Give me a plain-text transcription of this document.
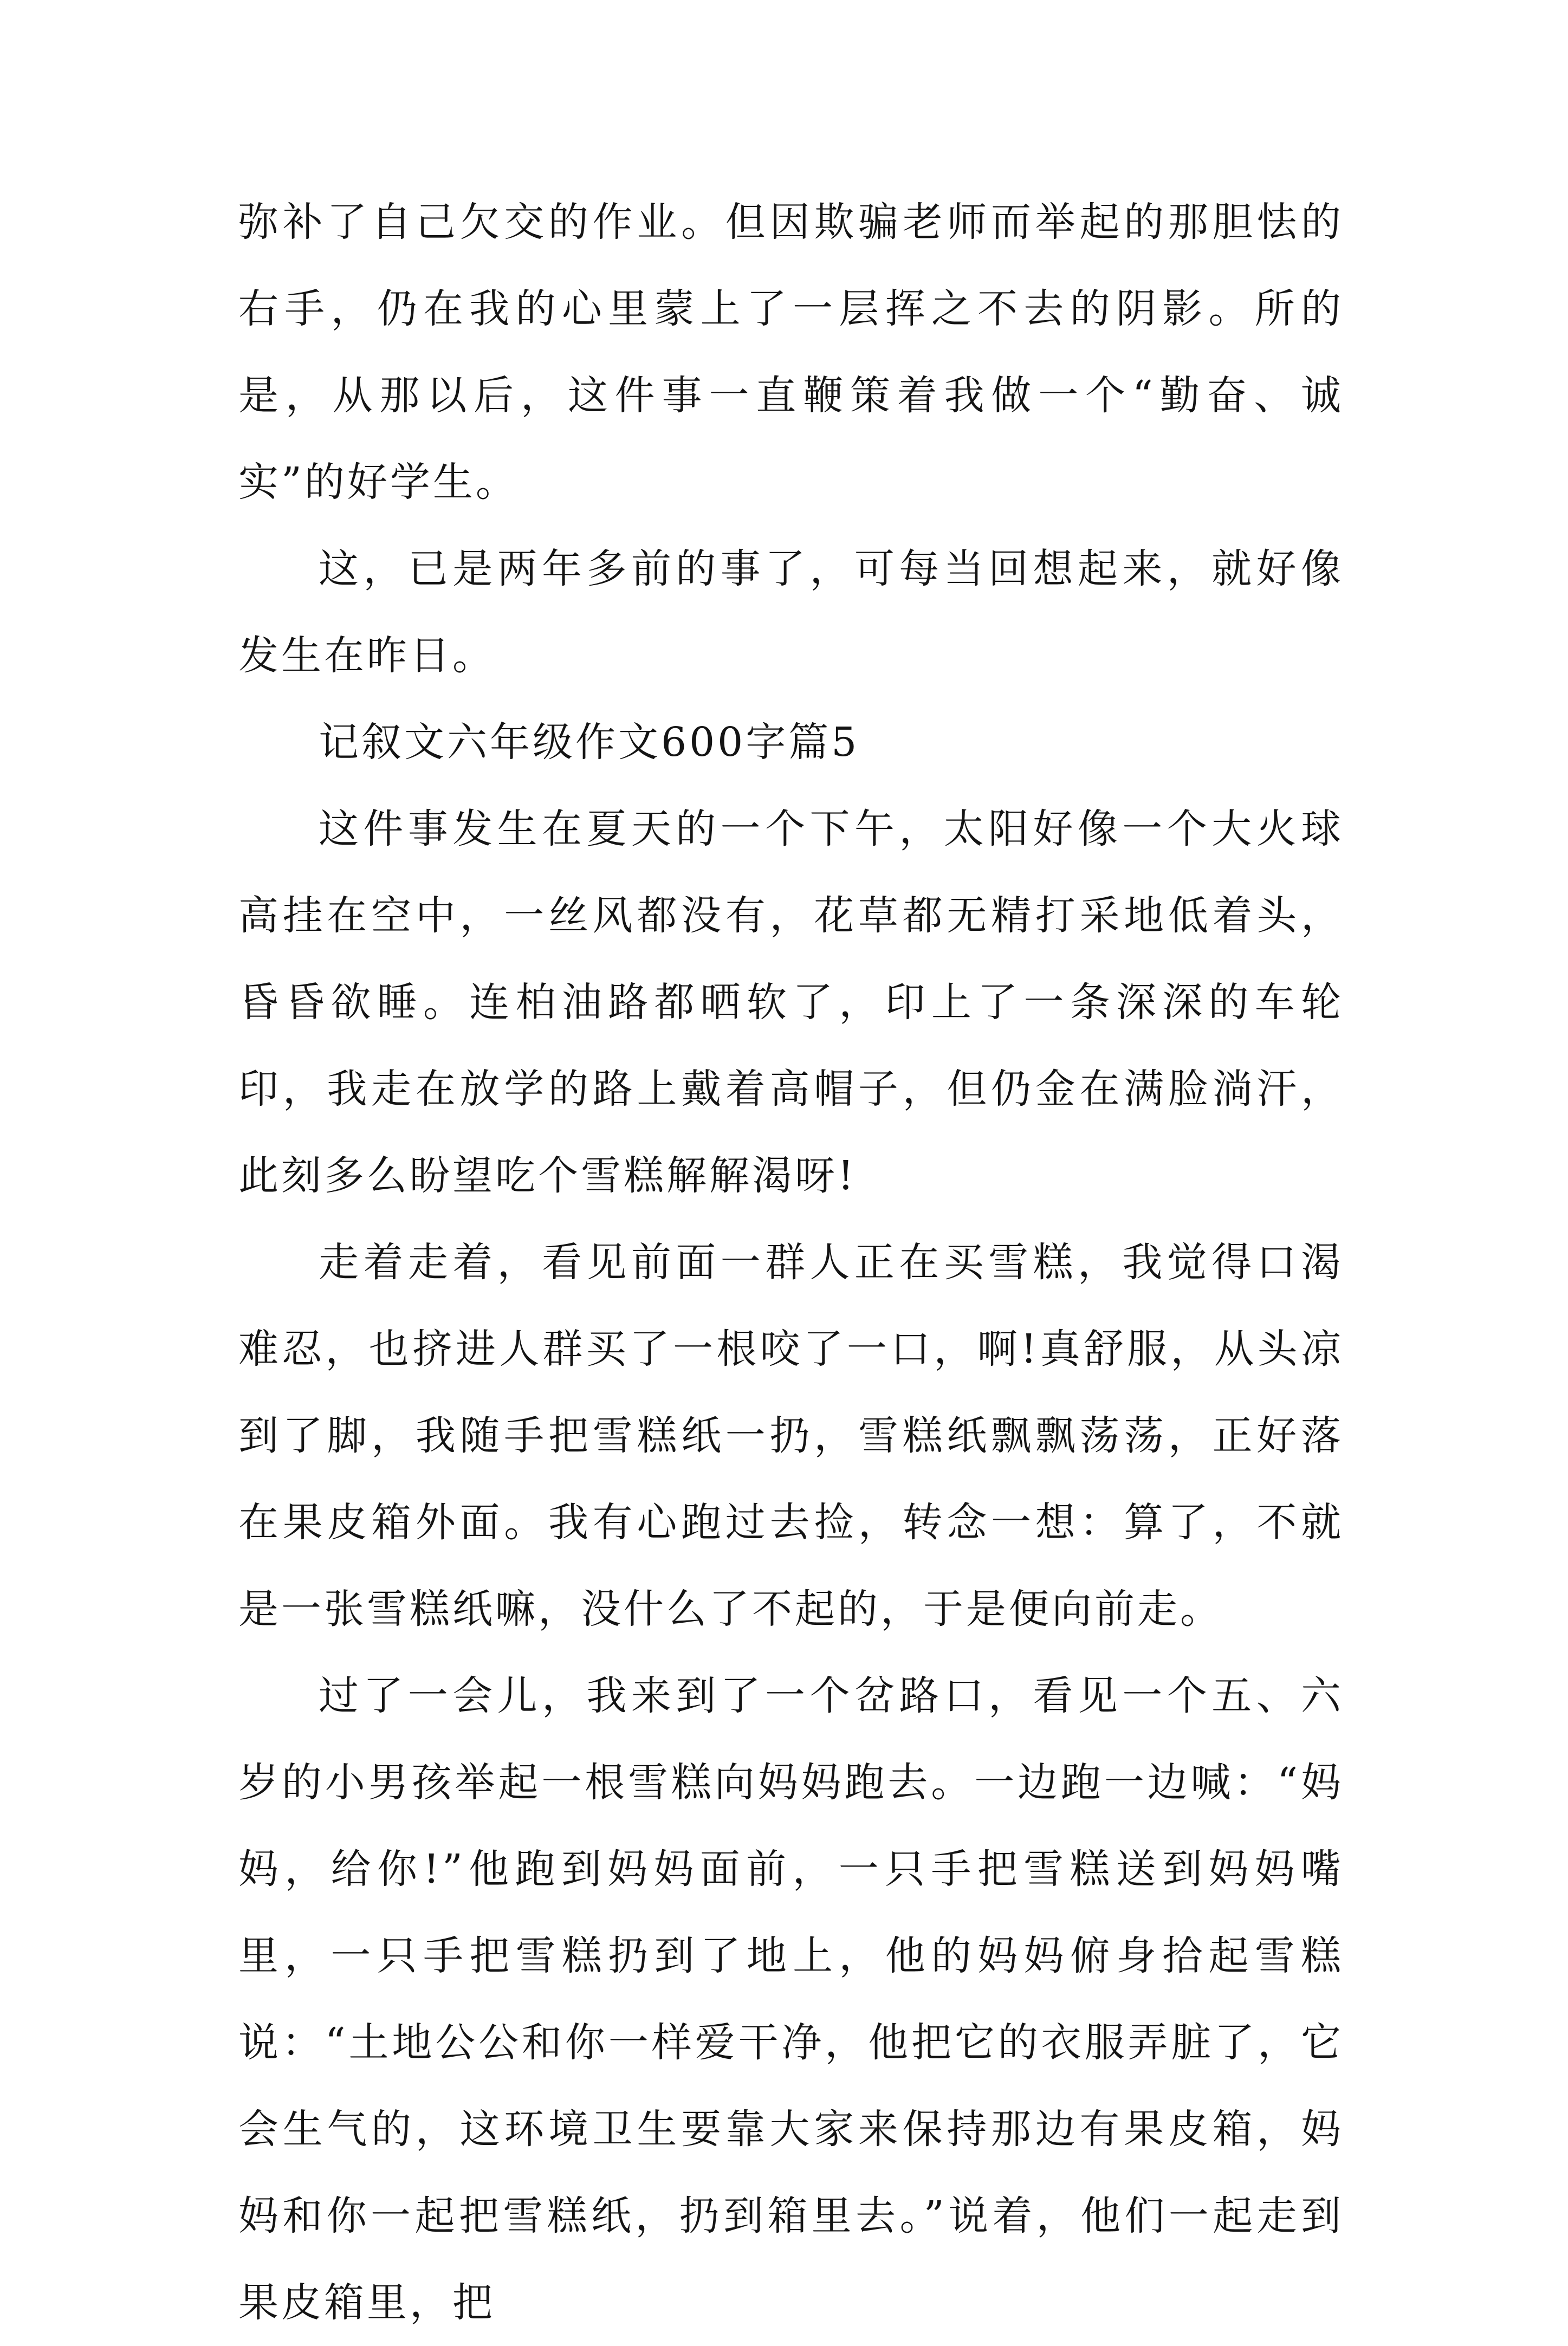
弥补了自己欠交的作业。但因欺骗老师而举起的那胆怯的右手，仍在我的心里蒙上了一层挥之不去的阴影。所的是，从那以后，这件事一直鞭策着我做一个“勤奋、诚实”的好学生。

这，已是两年多前的事了，可每当回想起来，就好像发生在昨日。

记叙文六年级作文600字篇5

这件事发生在夏天的一个下午，太阳好像一个大火球高挂在空中，一丝风都没有，花草都无精打采地低着头，昏昏欲睡。连柏油路都晒软了，印上了一条深深的车轮印，我走在放学的路上戴着高帽子，但仍金在满脸淌汗，此刻多么盼望吃个雪糕解解渴呀!

走着走着，看见前面一群人正在买雪糕，我觉得口渴难忍，也挤进人群买了一根咬了一口，啊!真舒服，从头凉到了脚，我随手把雪糕纸一扔，雪糕纸飘飘荡荡，正好落在果皮箱外面。我有心跑过去捡，转念一想：算了，不就是一张雪糕纸嘛，没什么了不起的，于是便向前走。

过了一会儿，我来到了一个岔路口，看见一个五、六岁的小男孩举起一根雪糕向妈妈跑去。一边跑一边喊：“妈妈，给你!”他跑到妈妈面前，一只手把雪糕送到妈妈嘴里，一只手把雪糕扔到了地上，他的妈妈俯身拾起雪糕说：“土地公公和你一样爱干净，他把它的衣服弄脏了，它会生气的，这环境卫生要靠大家来保持那边有果皮箱，妈妈和你一起把雪糕纸，扔到箱里去。”说着，他们一起走到果皮箱里，把
